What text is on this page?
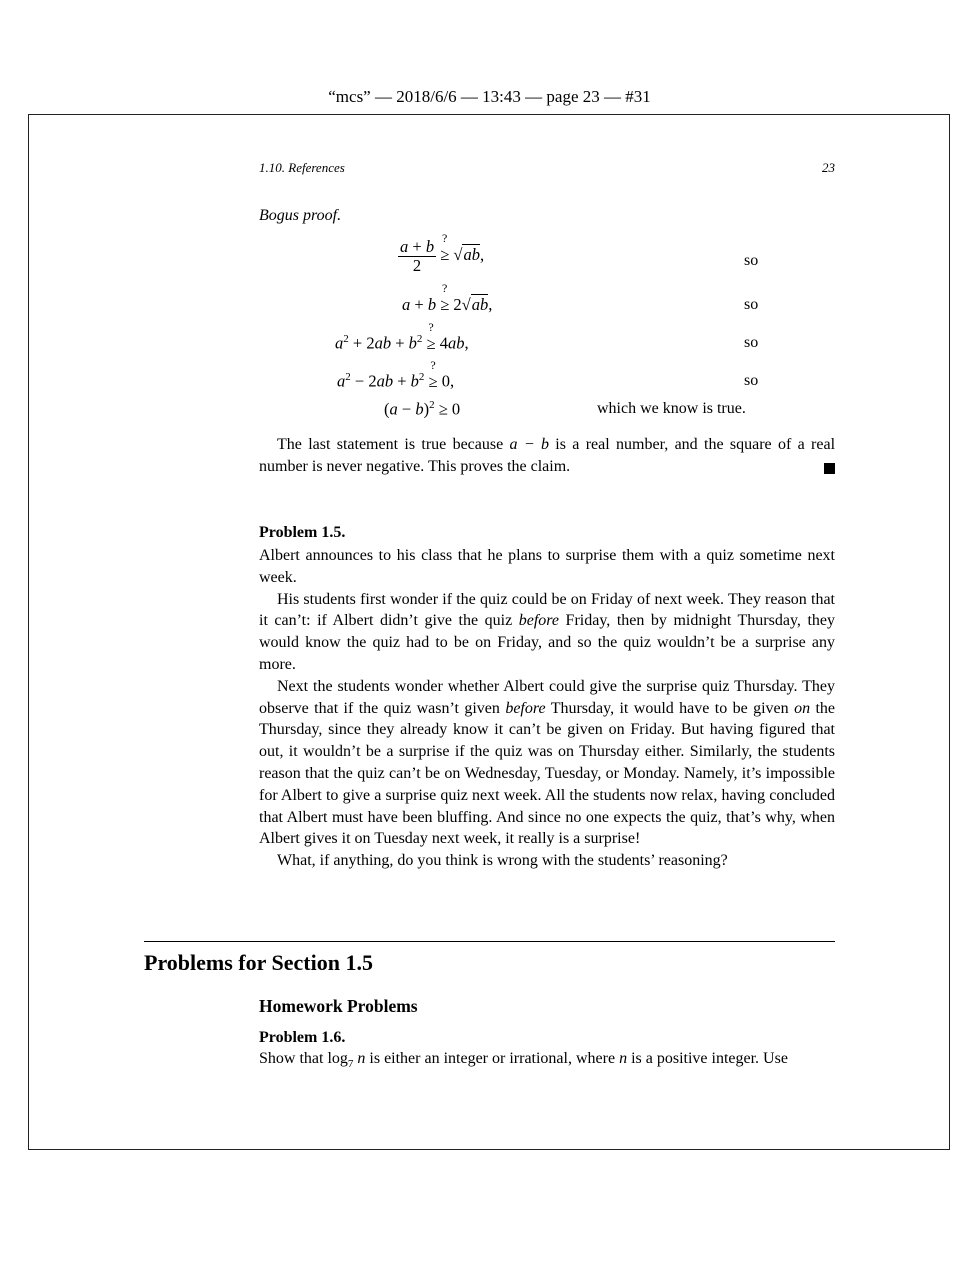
“mcs” — 2018/6/6 — 13:43 — page 23 — #31
1.10. References	23
Bogus proof.
$\frac{a + b}{2}$
?
≥ √ab,	so
a + b
?
≥ 2√ab,	so
$a^2 + 2ab + b^2$
?
≥ 4ab,	so
$a^2 - 2ab + b^2$
?
≥ 0,	so
$(a - b)^2 \ge 0$	which we know is true.

The last statement is true because a − b is a real number, and the square of a real number is never negative. This proves the claim.

Problem 1.5.

Albert announces to his class that he plans to surprise them with a quiz sometime next week.

His students first wonder if the quiz could be on Friday of next week. They reason that it can’t: if Albert didn’t give the quiz before Friday, then by midnight Thursday, they would know the quiz had to be on Friday, and so the quiz wouldn’t be a surprise any more.

Next the students wonder whether Albert could give the surprise quiz Thursday. They observe that if the quiz wasn’t given before Thursday, it would have to be given on the Thursday, since they already know it can’t be given on Friday. But having figured that out, it wouldn’t be a surprise if the quiz was on Thursday either. Similarly, the students reason that the quiz can’t be on Wednesday, Tuesday, or Monday. Namely, it’s impossible for Albert to give a surprise quiz next week. All the students now relax, having concluded that Albert must have been bluffing. And since no one expects the quiz, that’s why, when Albert gives it on Tuesday next week, it really is a surprise!

What, if anything, do you think is wrong with the students’ reasoning?

Problems for Section 1.5
Homework Problems
Problem 1.6.
Show that $\log_7 n$ is either an integer or irrational, where n is a positive integer. Use
